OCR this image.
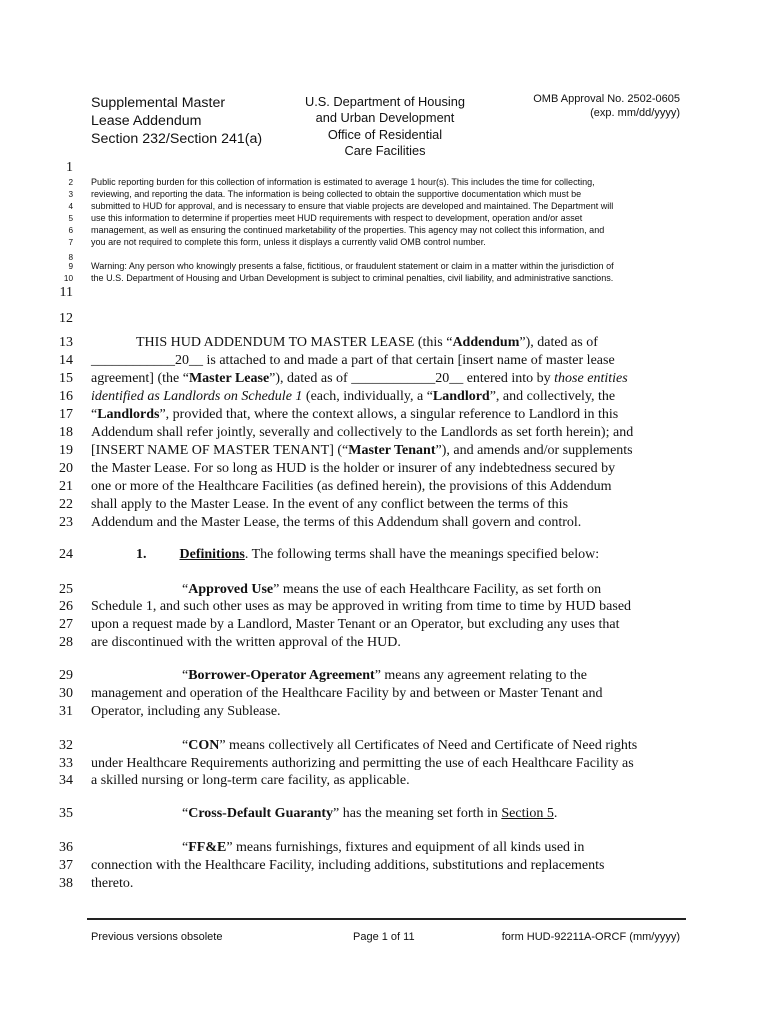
Supplemental Master
Lease Addendum
Section 232/Section 241(a)
U.S. Department of Housing
and Urban Development
Office of Residential
Care Facilities
OMB Approval No. 2502-0605
(exp. mm/dd/yyyy)
1
2
3
4
5
6
7
8
9
10
11
12
13
14
15
16
17
18
19
20
21
22
23
24
25
26
27
28
29
30
31
32
33
34
35
36
37
38
Public reporting burden for this collection of information is estimated to average 1 hour(s). This includes the time for collecting,
reviewing, and reporting the data. The information is being collected to obtain the supportive documentation which must be
submitted to HUD for approval, and is necessary to ensure that viable projects are developed and maintained. The Department will
use this information to determine if properties meet HUD requirements with respect to development, operation and/or asset
management, as well as ensuring the continued marketability of the properties. This agency may not collect this information, and
you are not required to complete this form, unless it displays a currently valid OMB control number.
Warning: Any person who knowingly presents a false, fictitious, or fraudulent statement or claim in a matter within the jurisdiction of
the U.S. Department of Housing and Urban Development is subject to criminal penalties, civil liability, and administrative sanctions.
THIS HUD ADDENDUM TO MASTER LEASE (this “Addendum”), dated as of
____________20__ is attached to and made a part of that certain [insert name of master lease
agreement] (the “Master Lease”), dated as of ____________20__ entered into by those entities
identified as Landlords on Schedule 1 (each, individually, a “Landlord”, and collectively, the
“Landlords”, provided that, where the context allows, a singular reference to Landlord in this
Addendum shall refer jointly, severally and collectively to the Landlords as set forth herein); and
[INSERT NAME OF MASTER TENANT] (“Master Tenant”), and amends and/or supplements
the Master Lease. For so long as HUD is the holder or insurer of any indebtedness secured by
one or more of the Healthcare Facilities (as defined herein), the provisions of this Addendum
shall apply to the Master Lease. In the event of any conflict between the terms of this
Addendum and the Master Lease, the terms of this Addendum shall govern and control.
1. Definitions. The following terms shall have the meanings specified below:
“Approved Use” means the use of each Healthcare Facility, as set forth on
Schedule 1, and such other uses as may be approved in writing from time to time by HUD based
upon a request made by a Landlord, Master Tenant or an Operator, but excluding any uses that
are discontinued with the written approval of the HUD.
“Borrower-Operator Agreement” means any agreement relating to the
management and operation of the Healthcare Facility by and between or Master Tenant and
Operator, including any Sublease.
“CON” means collectively all Certificates of Need and Certificate of Need rights
under Healthcare Requirements authorizing and permitting the use of each Healthcare Facility as
a skilled nursing or long-term care facility, as applicable.
“Cross-Default Guaranty” has the meaning set forth in Section 5.
“FF&E” means furnishings, fixtures and equipment of all kinds used in
connection with the Healthcare Facility, including additions, substitutions and replacements
thereto.
Previous versions obsolete	Page 1 of 11	form HUD-92211A-ORCF (mm/yyyy)
